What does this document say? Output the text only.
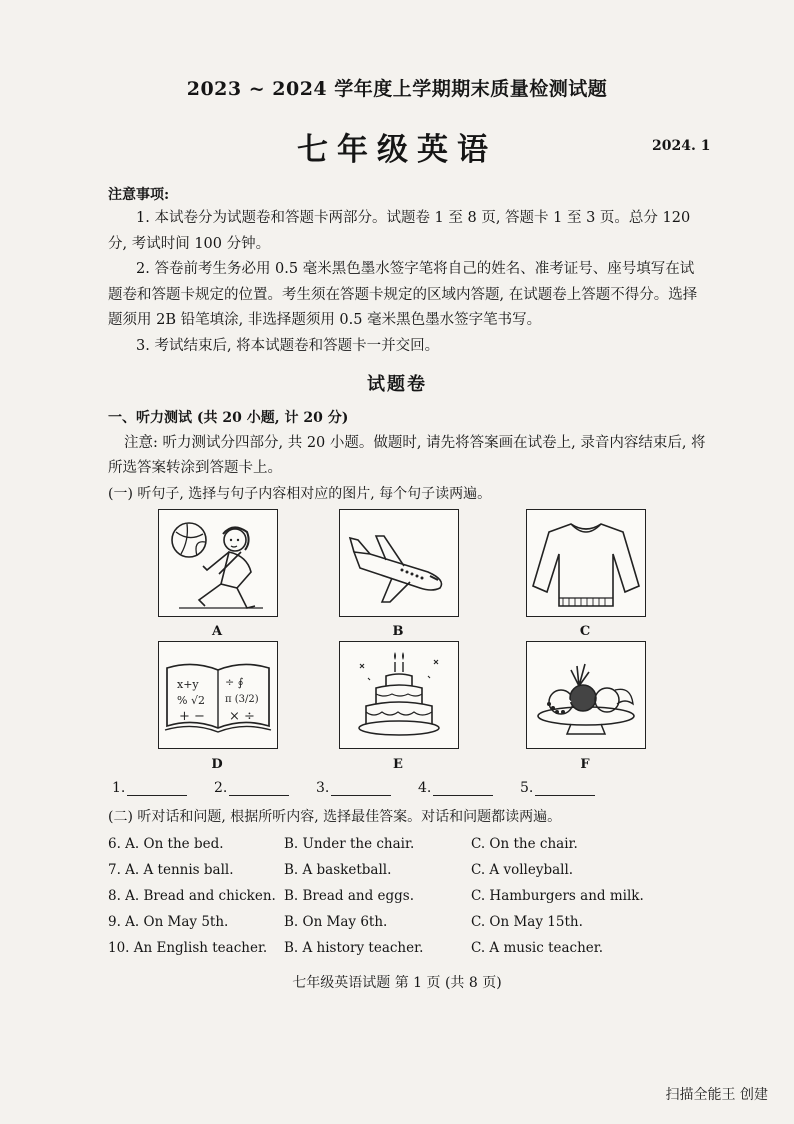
2023 ~ 2024 学年度上学期期末质量检测试题
七年级英语	2024. 1
注意事项:

1. 本试卷分为试题卷和答题卡两部分。试题卷 1 至 8 页, 答题卡 1 至 3 页。总分 120 分, 考试时间 100 分钟。

2. 答卷前考生务必用 0.5 毫米黑色墨水签字笔将自己的姓名、准考证号、座号填写在试题卷和答题卡规定的位置。考生须在答题卡规定的区域内答题, 在试题卷上答题不得分。选择题须用 2B 铅笔填涂, 非选择题须用 0.5 毫米黑色墨水签字笔书写。

3. 考试结束后, 将本试题卷和答题卡一并交回。

试题卷
一、听力测试 (共 20 小题, 计 20 分)
注意: 听力测试分四部分, 共 20 小题。做题时, 请先将答案画在试卷上, 录音内容结束后, 将所选答案转涂到答题卡上。
(一) 听句子, 选择与句子内容相对应的图片, 每个句子读两遍。
A	B	C
x+y
% √2
+ −
÷ ∮
π (3/2)
× ÷
D	E	F
1.	2.	3.	4.	5.
(二) 听对话和问题, 根据所听内容, 选择最佳答案。对话和问题都读两遍。
6. A. On the bed.	B. Under the chair.	C. On the chair.
7. A. A tennis ball.	B. A basketball.	C. A volleyball.
8. A. Bread and chicken. B. Bread and eggs.	C. Hamburgers and milk.
9. A. On May 5th.	B. On May 6th.	C. On May 15th.
10. An English teacher.	B. A history teacher.	C. A music teacher.
七年级英语试题 第 1 页 (共 8 页)
扫描全能王 创建
